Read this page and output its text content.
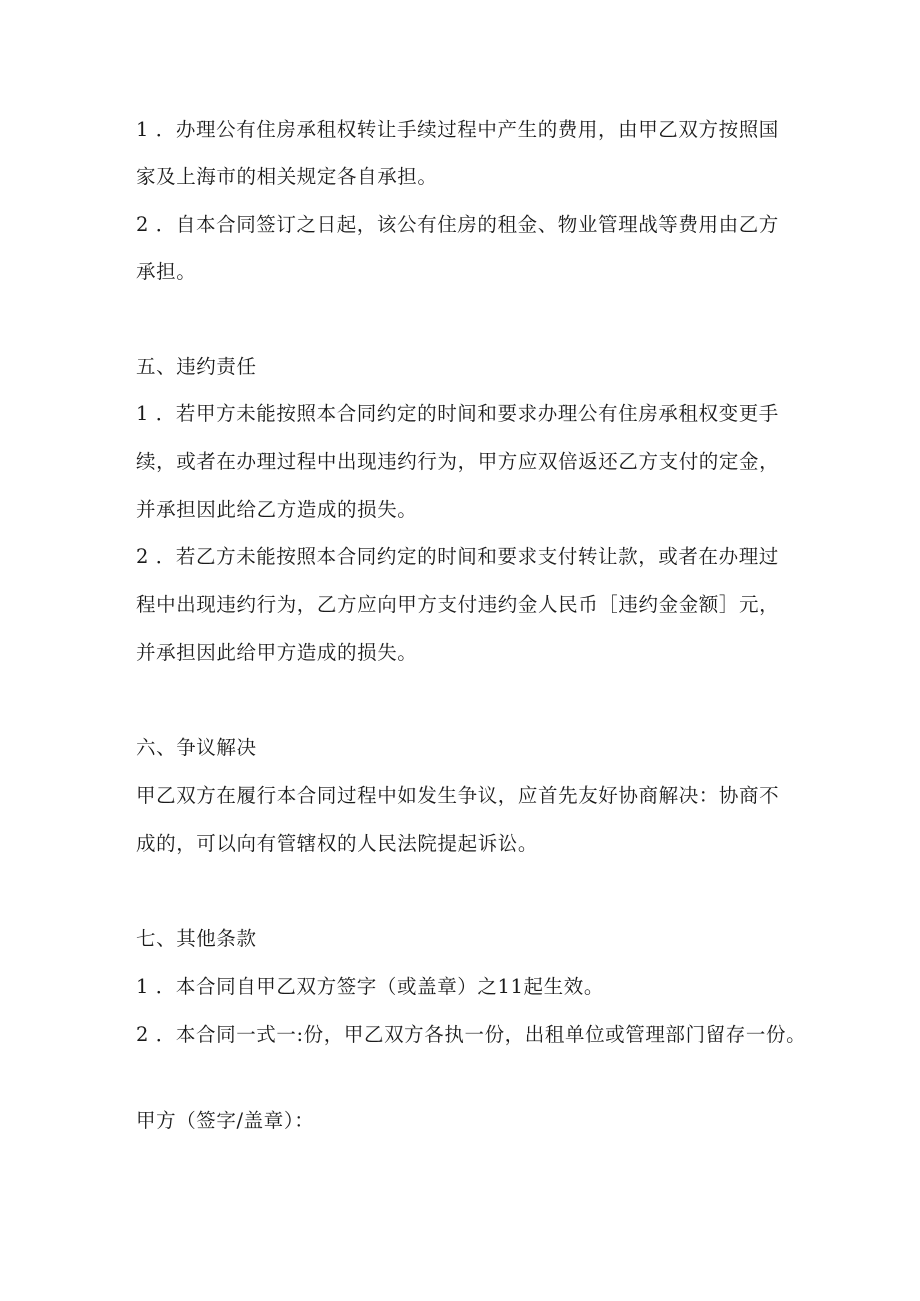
1 ．办理公有住房承租权转让手续过程中产生的费用，由甲乙双方按照国
家及上海市的相关规定各自承担。
2 ．自本合同签订之日起，该公有住房的租金、物业管理战等费用由乙方
承担。
五、违约责任
1 ．若甲方未能按照本合同约定的时间和要求办理公有住房承租权变更手
续，或者在办理过程中出现违约行为，甲方应双倍返还乙方支付的定金，
并承担因此给乙方造成的损失。
2 ．若乙方未能按照本合同约定的时间和要求支付转让款，或者在办理过
程中出现违约行为，乙方应向甲方支付违约金人民币［违约金金额］元，
并承担因此给甲方造成的损失。
六、争议解决
甲乙双方在履行本合同过程中如发生争议，应首先友好协商解决：协商不
成的，可以向有管辖权的人民法院提起诉讼。
七、其他条款
1 ．本合同自甲乙双方签字（或盖章）之11起生效。
2 ．本合同一式一:份，甲乙双方各执一份，出租单位或管理部门留存一份。
甲方（签字/盖章）：
